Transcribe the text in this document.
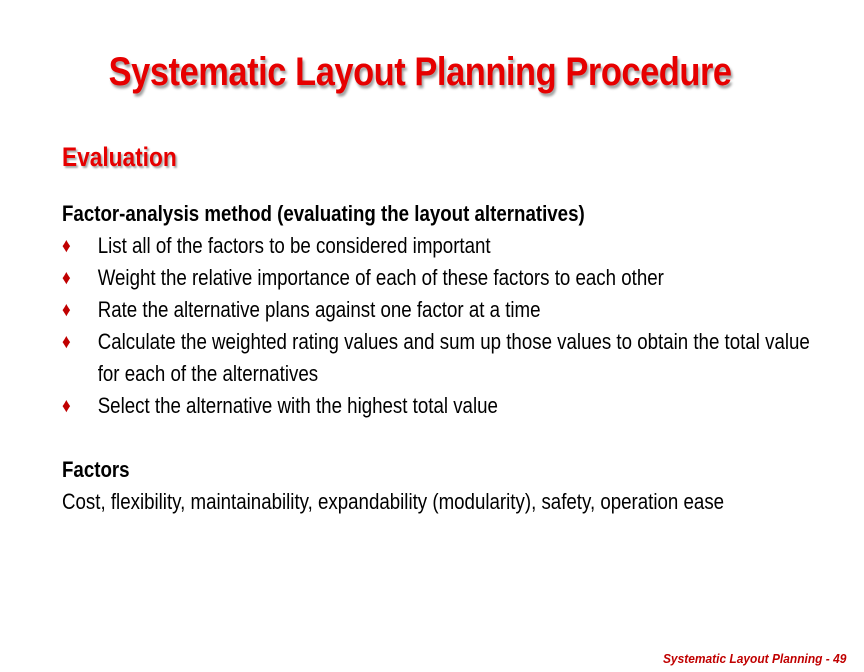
Systematic Layout Planning Procedure
Evaluation

Factor-analysis method (evaluating the layout alternatives)

♦ List all of the factors to be considered important
♦ Weight the relative importance of each of these factors to each other
♦ Rate the alternative plans against one factor at a time
♦ Calculate the weighted rating values and sum up those values to obtain the total value for each of the alternatives
♦ Select the alternative with the highest total value

Factors

Cost, flexibility, maintainability, expandability (modularity), safety, operation ease

Systematic Layout Planning - 49
